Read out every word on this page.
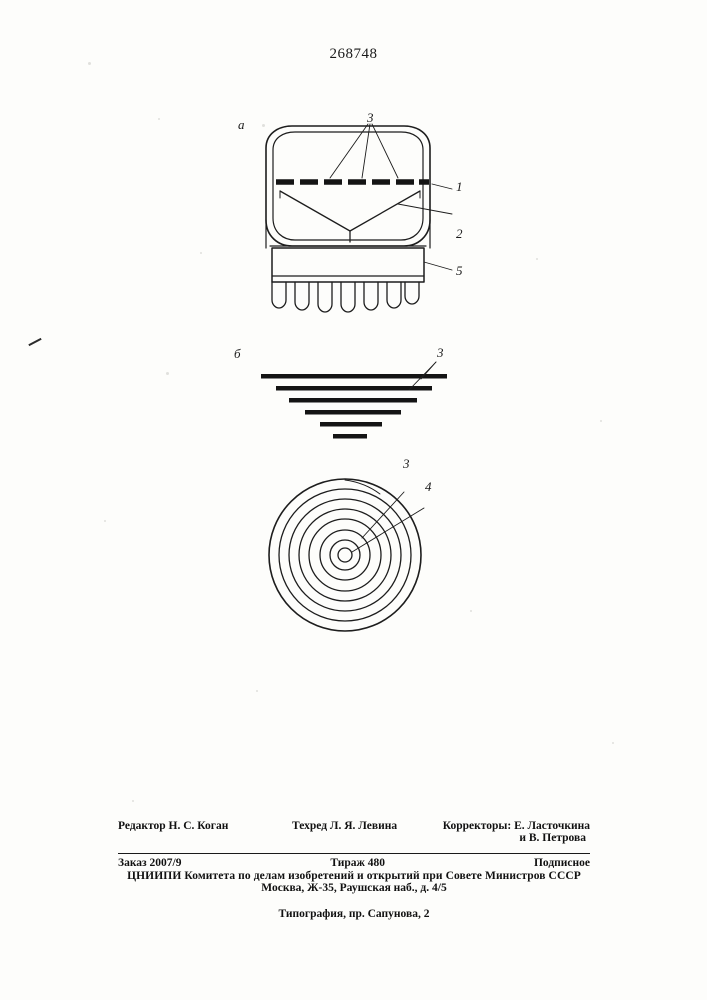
268748
а
б
3
1
2
5
3
3
4
Редактор Н. С. Коган	Техред Л. Я. Левина	Корректоры: Е. Ласточкина
и В. Петрова
Заказ 2007/9	Тираж 480	Подписное
ЦНИИПИ Комитета по делам изобретений и открытий при Совете Министров СССР
Москва, Ж-35, Раушская наб., д. 4/5
Типография, пр. Сапунова, 2
